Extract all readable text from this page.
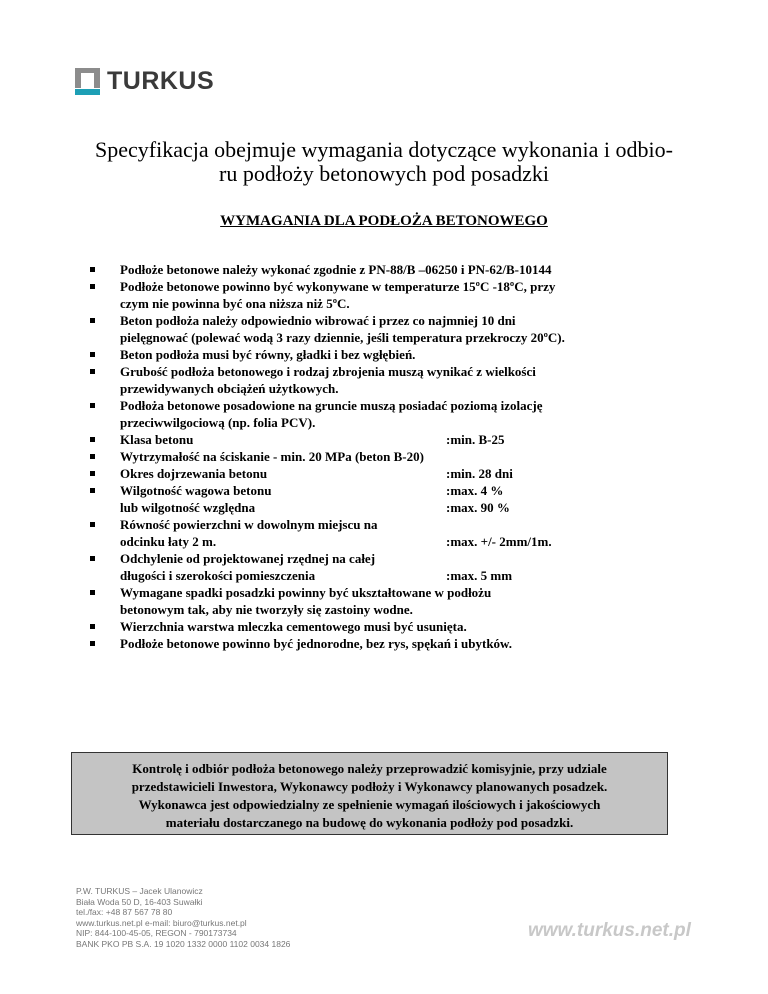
TURKUS
Specyfikacja obejmuje wymagania dotyczące wykonania i odbio-
ru podłoży betonowych pod posadzki
WYMAGANIA DLA PODŁOŻA BETONOWEGO
Podłoże betonowe należy wykonać zgodnie z PN-88/B –06250 i PN-62/B-10144
Podłoże betonowe powinno być wykonywane w temperaturze 15ºC -18ºC, przy
czym nie powinna być ona niższa niż 5ºC.
Beton podłoża należy odpowiednio wibrować i przez co najmniej 10 dni
pielęgnować (polewać wodą 3 razy dziennie, jeśli temperatura przekroczy 20ºC).
Beton podłoża musi być równy, gładki i bez wgłębień.
Grubość podłoża betonowego i rodzaj zbrojenia muszą wynikać z wielkości
przewidywanych obciążeń użytkowych.
Podłoża betonowe posadowione na gruncie muszą posiadać poziomą izolację
przeciwwilgociową (np. folia PCV).
Klasa betonu	:min. B-25
Wytrzymałość na ściskanie - min. 20 MPa (beton B-20)
Okres dojrzewania betonu	:min. 28 dni
Wilgotność wagowa betonu	:max. 4 %
lub wilgotność względna	:max. 90 %
Równość powierzchni w dowolnym miejscu na
odcinku łaty 2 m.	:max. +/- 2mm/1m.
Odchylenie od projektowanej rzędnej na całej
długości i szerokości pomieszczenia	:max. 5 mm
Wymagane spadki posadzki powinny być ukształtowane w podłożu
betonowym tak, aby nie tworzyły się zastoiny wodne.
Wierzchnia warstwa mleczka cementowego musi być usunięta.
Podłoże betonowe powinno być jednorodne, bez rys, spękań i ubytków.
Kontrolę i odbiór podłoża betonowego należy przeprowadzić komisyjnie, przy udziale
przedstawicieli Inwestora, Wykonawcy podłoży i Wykonawcy planowanych posadzek.
Wykonawca jest odpowiedzialny ze spełnienie wymagań ilościowych i jakościowych
materiału dostarczanego na budowę do wykonania podłoży pod posadzki.
P.W. TURKUS – Jacek Ulanowicz
Biała Woda 50 D, 16-403 Suwałki
tel./fax: +48 87 567 78 80
www.turkus.net.pl e-mail: biuro@turkus.net.pl
NIP: 844-100-45-05, REGON - 790173734
BANK PKO PB S.A. 19 1020 1332 0000 1102 0034 1826
www.turkus.net.pl
